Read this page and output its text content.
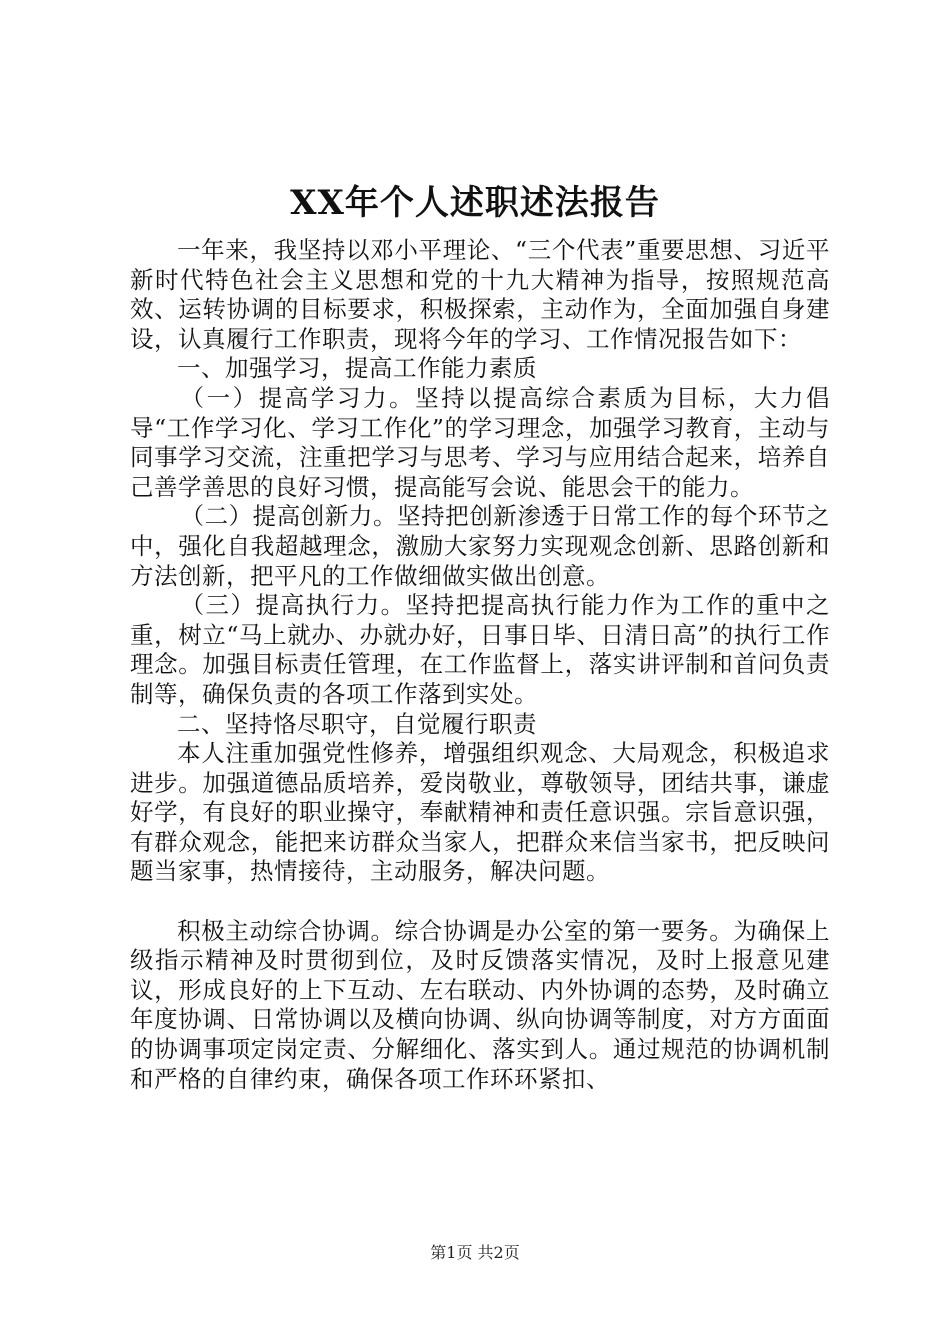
XX年个人述职述法报告

一年来，我坚持以邓小平理论、“三个代表”重要思想、习近平新时代特色社会主义思想和党的十九大精神为指导，按照规范高效、运转协调的目标要求，积极探索，主动作为，全面加强自身建设，认真履行工作职责，现将今年的学习、工作情况报告如下：

一、加强学习，提高工作能力素质

（一）提高学习力。坚持以提高综合素质为目标，大力倡导“工作学习化、学习工作化”的学习理念，加强学习教育，主动与同事学习交流，注重把学习与思考、学习与应用结合起来，培养自己善学善思的良好习惯，提高能写会说、能思会干的能力。

（二）提高创新力。坚持把创新渗透于日常工作的每个环节之中，强化自我超越理念，激励大家努力实现观念创新、思路创新和方法创新，把平凡的工作做细做实做出创意。

（三）提高执行力。坚持把提高执行能力作为工作的重中之重，树立“马上就办、办就办好，日事日毕、日清日高”的执行工作理念。加强目标责任管理，在工作监督上，落实讲评制和首问负责制等，确保负责的各项工作落到实处。

二、坚持恪尽职守，自觉履行职责

本人注重加强党性修养，增强组织观念、大局观念，积极追求进步。加强道德品质培养，爱岗敬业，尊敬领导，团结共事，谦虚好学，有良好的职业操守，奉献精神和责任意识强。宗旨意识强，有群众观念，能把来访群众当家人，把群众来信当家书，把反映问题当家事，热情接待，主动服务，解决问题。

积极主动综合协调。综合协调是办公室的第一要务。为确保上级指示精神及时贯彻到位，及时反馈落实情况，及时上报意见建议，形成良好的上下互动、左右联动、内外协调的态势，及时确立年度协调、日常协调以及横向协调、纵向协调等制度，对方方面面的协调事项定岗定责、分解细化、落实到人。通过规范的协调机制和严格的自律约束，确保各项工作环环紧扣、

第1页 共2页
